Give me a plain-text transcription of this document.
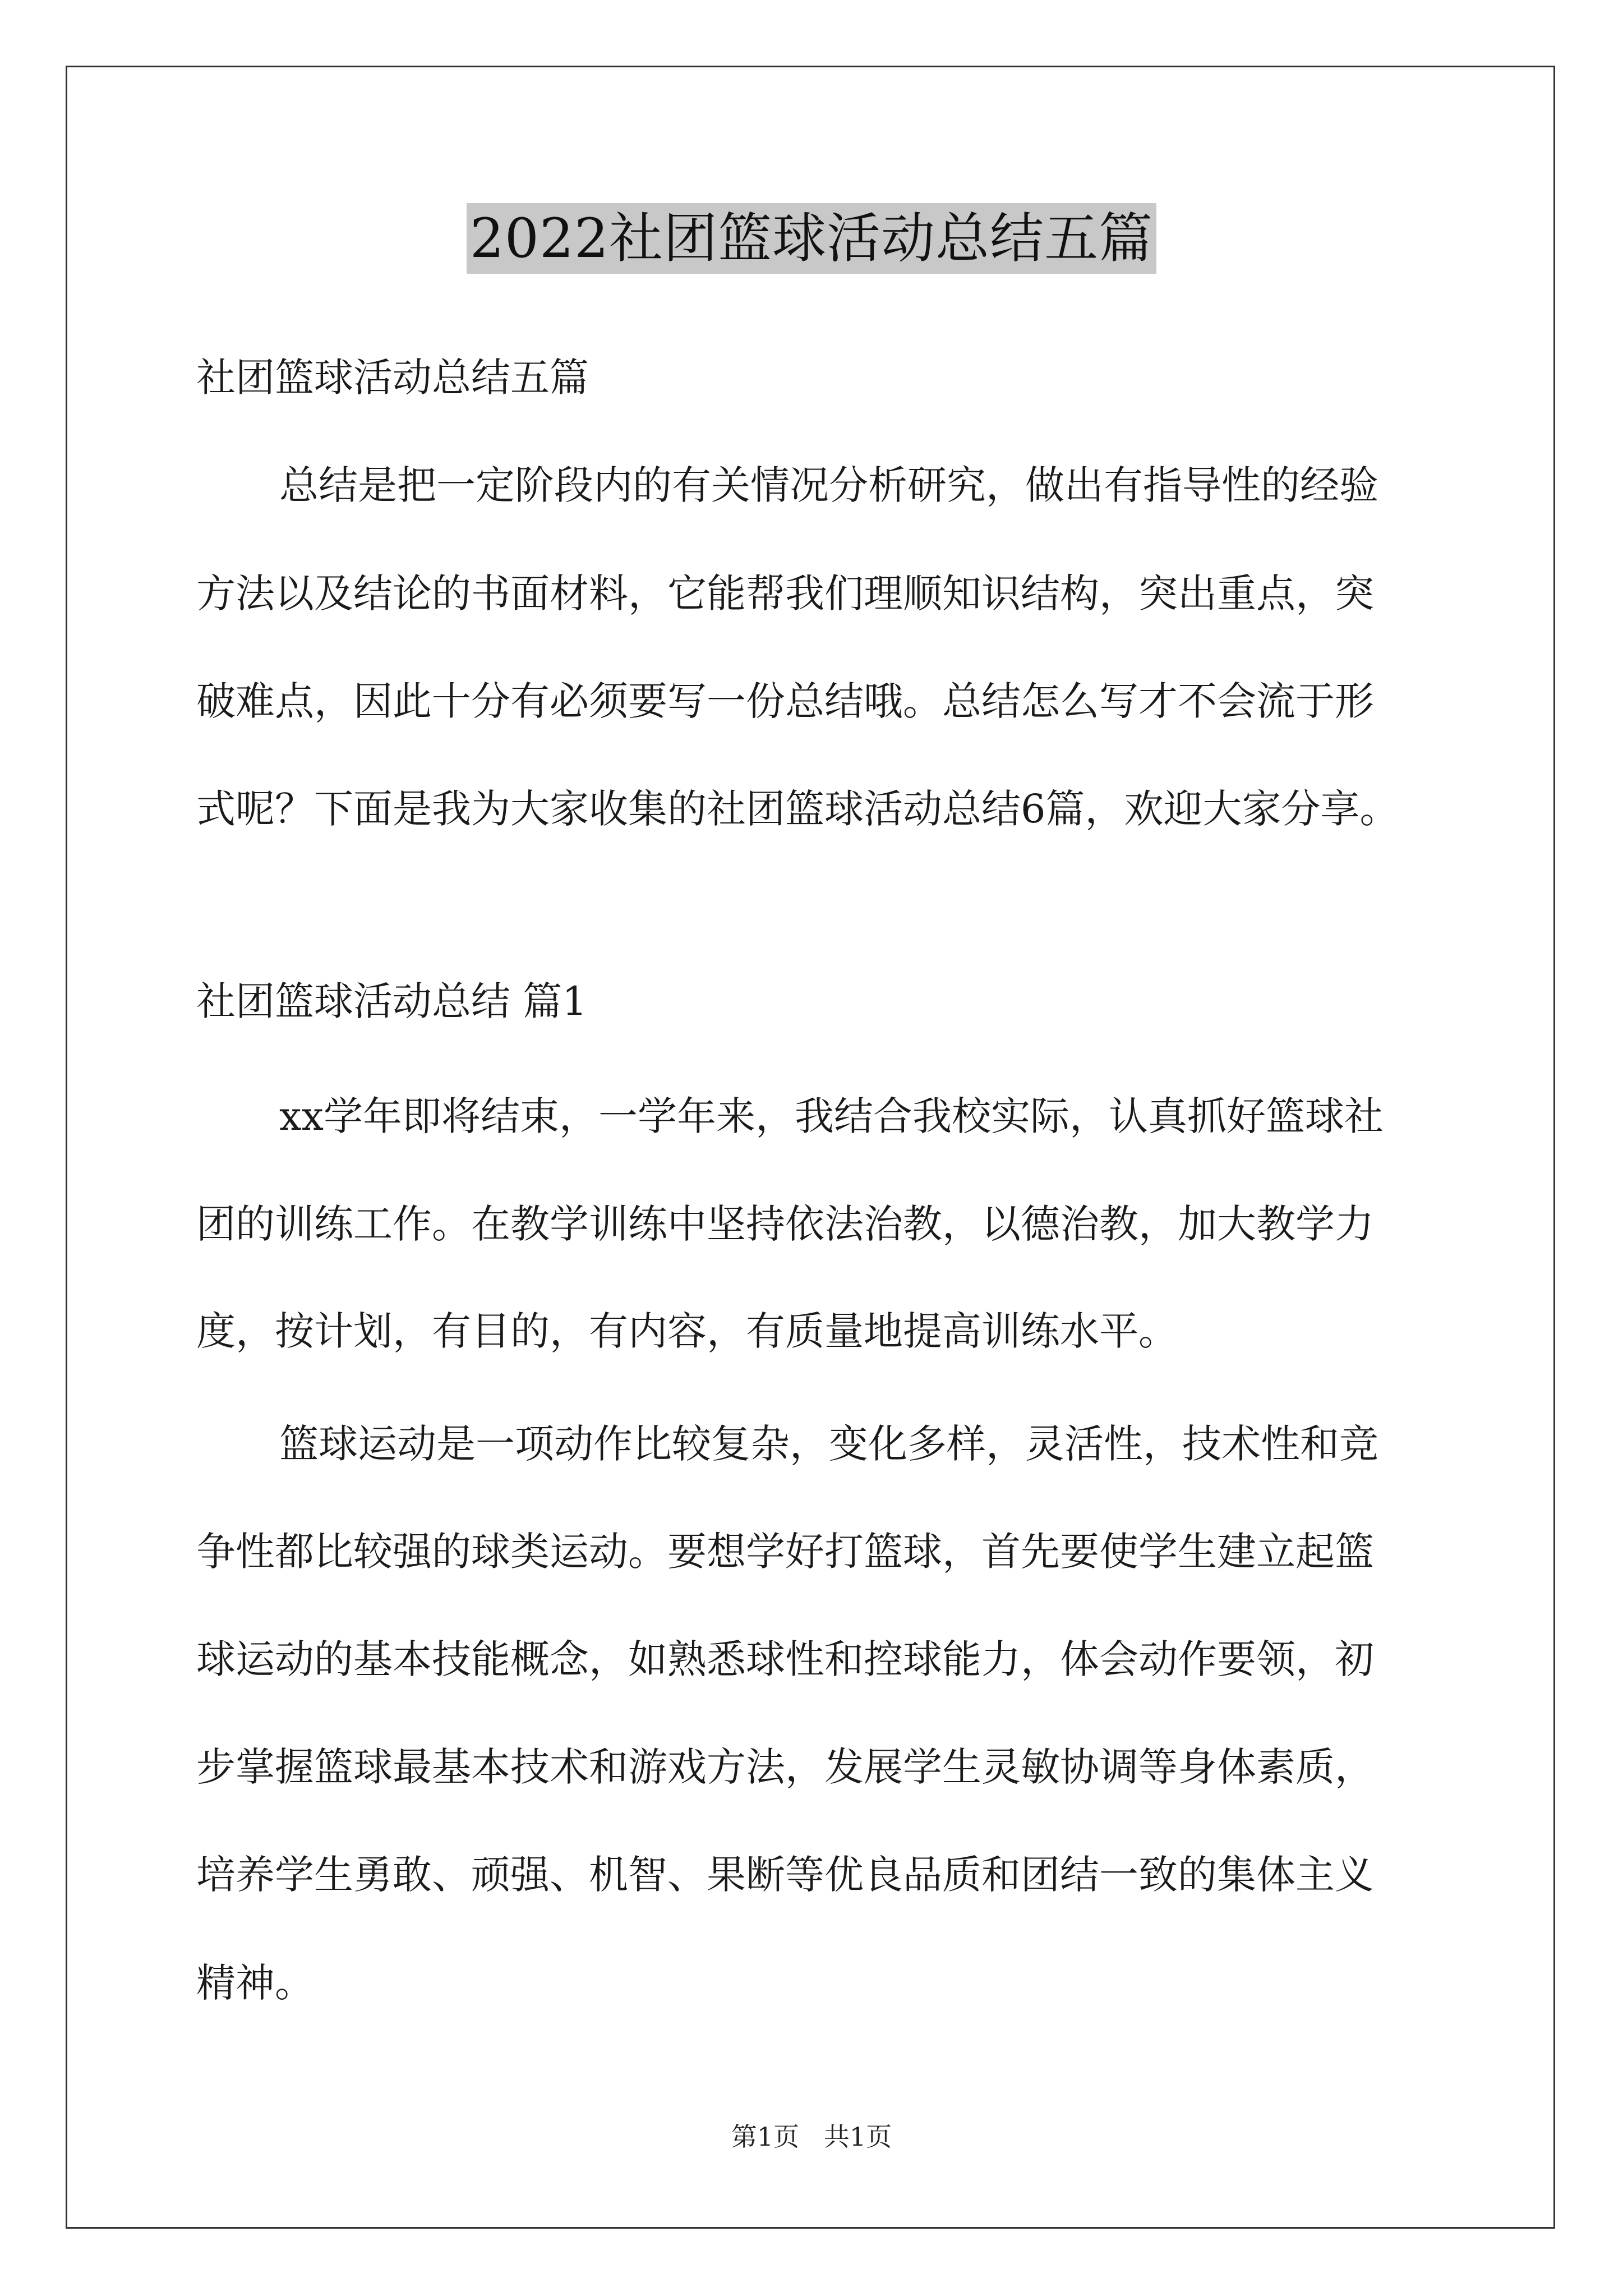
2022社团篮球活动总结五篇
社团篮球活动总结五篇
总结是把一定阶段内的有关情况分析研究，做出有指导性的经验
方法以及结论的书面材料，它能帮我们理顺知识结构，突出重点，突
破难点，因此十分有必须要写一份总结哦。总结怎么写才不会流于形
式呢？下面是我为大家收集的社团篮球活动总结6篇，欢迎大家分享。
社团篮球活动总结 篇1
xx学年即将结束，一学年来，我结合我校实际，认真抓好篮球社
团的训练工作。在教学训练中坚持依法治教，以德治教，加大教学力
度，按计划，有目的，有内容，有质量地提高训练水平。
篮球运动是一项动作比较复杂，变化多样，灵活性，技术性和竞
争性都比较强的球类运动。要想学好打篮球，首先要使学生建立起篮
球运动的基本技能概念，如熟悉球性和控球能力，体会动作要领，初
步掌握篮球最基本技术和游戏方法，发展学生灵敏协调等身体素质，
培养学生勇敢、顽强、机智、果断等优良品质和团结一致的集体主义
精神。
第1页   共1页
